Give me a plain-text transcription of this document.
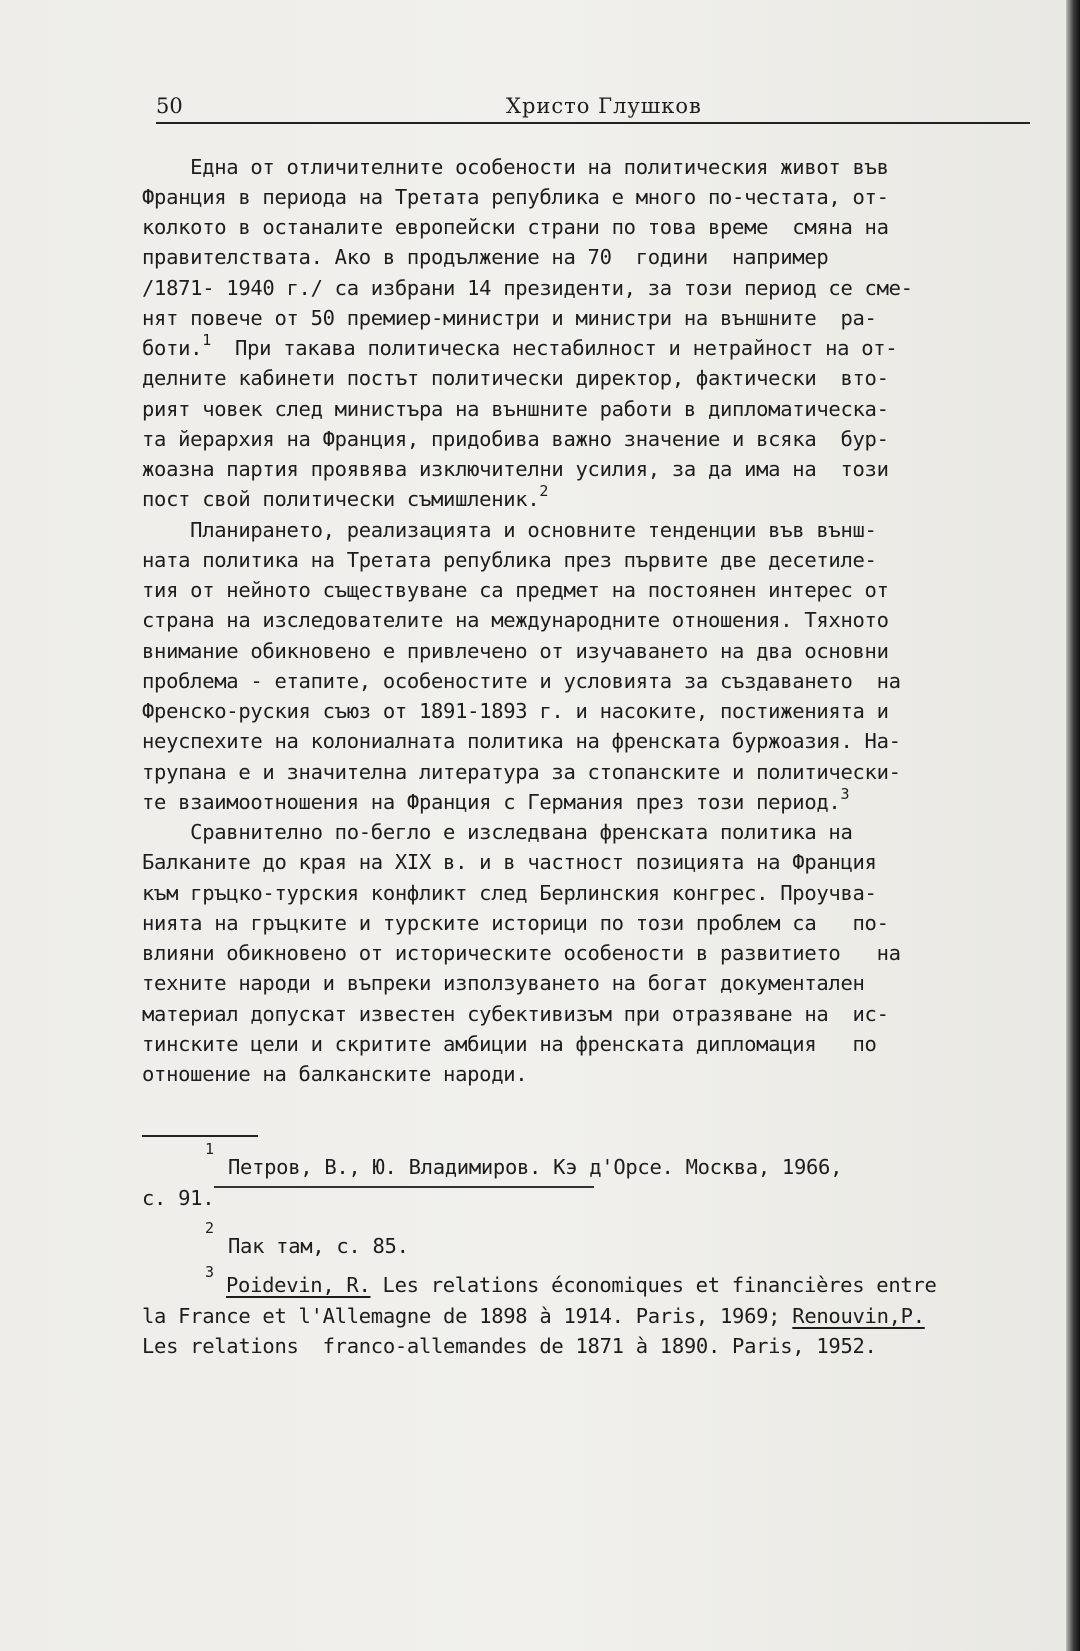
50	Христо Глушков
Една от отличителните особености на политическия живот във
Франция в периода на Третата република е много по-честата, от-
колкото в останалите европейски страни по това време  смяна на
правителствата. Ако в продължение на 70  години  например
/1871- 1940 г./ са избрани 14 президенти, за този период се сме-
нят повече от 50 премиер-министри и министри на външните  ра-
боти.$^1$  При такава политическа нестабилност и нетрайност на от-
делните кабинети постът политически директор, фактически  вто-
рият човек след министъра на външните работи в дипломатическа-
та йерархия на Франция, придобива важно значение и всяка  бур-
жоазна партия проявява изключителни усилия, за да има на  този
пост свой политически съмишленик.$^2$
Планирането, реализацията и основните тенденции във външ-
ната политика на Третата република през първите две десетиле-
тия от нейното съществуване са предмет на постоянен интерес от
страна на изследователите на международните отношения. Тяхното
вниманиe обикновено е привлечено от изучаването на два основни
проблема - етапите, особеностите и условията за създаването  на
Френско-руския съюз от 1891-1893 г. и насоките, постиженията и
неуспехите на колониалната политика на френската буржоазия. На-
трупана е и значителна литература за стопанските и политически-
те взаимоотношения на Франция с Германия през този период.$^3$
Сравнително по-бегло е изследвана френската политика на
Балканите до края на XIX в. и в частност позицията на Франция
към гръцко-турския конфликт след Берлинския конгрес. Проучва-
нията на гръцките и турските историци по този проблем са   по-
влияни обикновено от историческите особености в развитието   на
техните народи и въпреки използуването на богат документален
материал допускат известен субективизъм при отразяване на  ис-
тинските цели и скритите амбиции на френската дипломация   по
отношение на балканските народи.
1
Петров, В., Ю. Владимиров. Кэ д'Орсе. Москва, 1966,
с. 91.
2
Пак там, с. 85.
3
Poidevin, R. Les relations économiques et financières entre
la France et l'Allemagne de 1898 à 1914. Paris, 1969; Renouvin,P.
Les relations  franco-allemandes de 1871 à 1890. Paris, 1952.
